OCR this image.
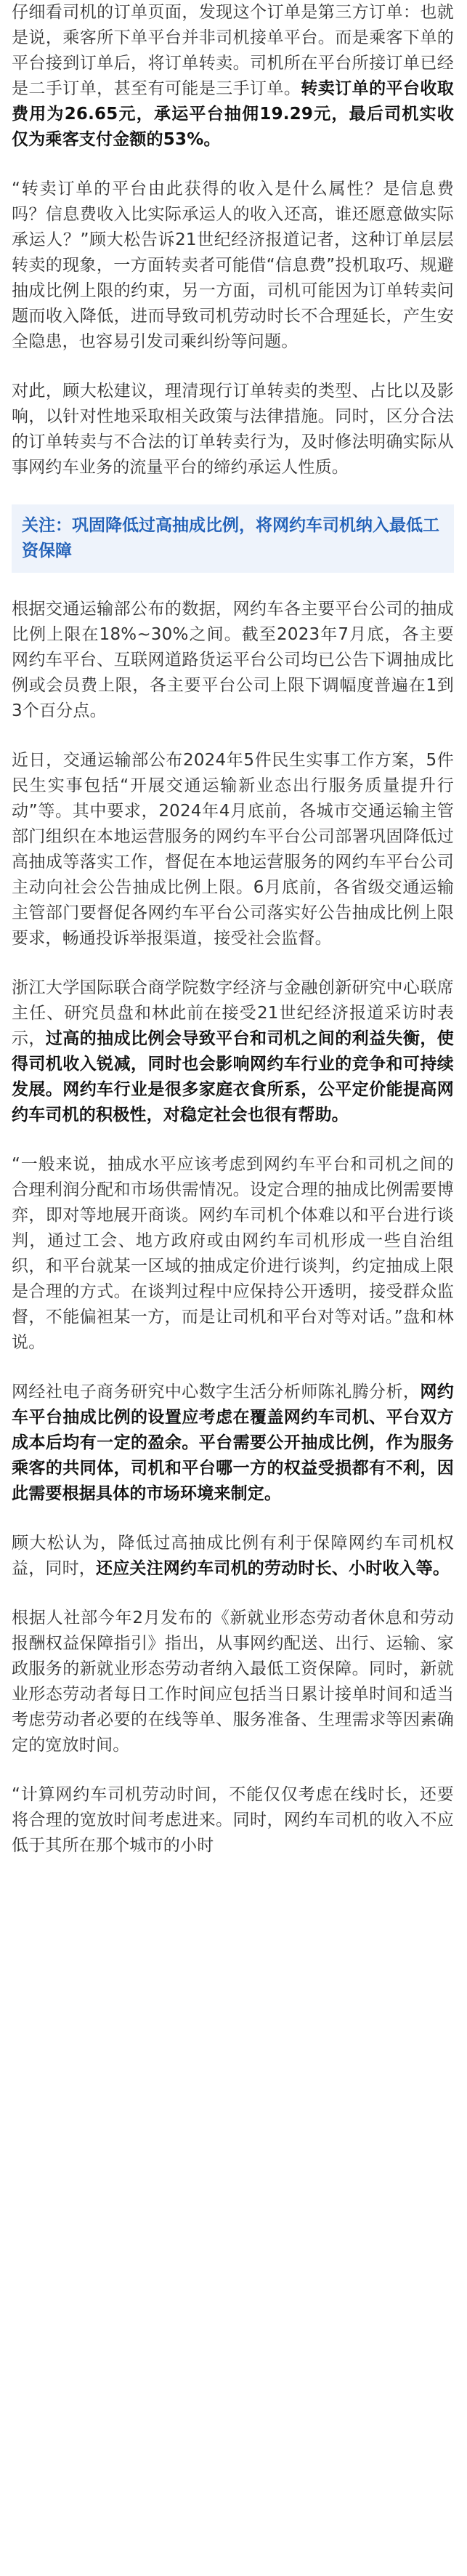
仔细看司机的订单页面，发现这个订单是第三方订单：也就是说，乘客所下单平台并非司机接单平台。而是乘客下单的平台接到订单后，将订单转卖。司机所在平台所接订单已经是二手订单，甚至有可能是三手订单。转卖订单的平台收取费用为26.65元，承运平台抽佣19.29元，最后司机实收仅为乘客支付金额的53%。

“转卖订单的平台由此获得的收入是什么属性？是信息费吗？信息费收入比实际承运人的收入还高，谁还愿意做实际承运人？”顾大松告诉21世纪经济报道记者，这种订单层层转卖的现象，一方面转卖者可能借“信息费”投机取巧、规避抽成比例上限的约束，另一方面，司机可能因为订单转卖问题而收入降低，进而导致司机劳动时长不合理延长，产生安全隐患，也容易引发司乘纠纷等问题。

对此，顾大松建议，理清现行订单转卖的类型、占比以及影响，以针对性地采取相关政策与法律措施。同时，区分合法的订单转卖与不合法的订单转卖行为，及时修法明确实际从事网约车业务的流量平台的缔约承运人性质。

关注：巩固降低过高抽成比例，将网约车司机纳入最低工资保障

根据交通运输部公布的数据，网约车各主要平台公司的抽成比例上限在18%~30%之间。截至2023年7月底，各主要网约车平台、互联网道路货运平台公司均已公告下调抽成比例或会员费上限，各主要平台公司上限下调幅度普遍在1到3个百分点。

近日，交通运输部公布2024年5件民生实事工作方案，5件民生实事包括“开展交通运输新业态出行服务质量提升行动”等。其中要求，2024年4月底前，各城市交通运输主管部门组织在本地运营服务的网约车平台公司部署巩固降低过高抽成等落实工作，督促在本地运营服务的网约车平台公司主动向社会公告抽成比例上限。6月底前，各省级交通运输主管部门要督促各网约车平台公司落实好公告抽成比例上限要求，畅通投诉举报渠道，接受社会监督。

浙江大学国际联合商学院数字经济与金融创新研究中心联席主任、研究员盘和林此前在接受21世纪经济报道采访时表示，过高的抽成比例会导致平台和司机之间的利益失衡，使得司机收入锐减，同时也会影响网约车行业的竞争和可持续发展。网约车行业是很多家庭衣食所系，公平定价能提高网约车司机的积极性，对稳定社会也很有帮助。

“一般来说，抽成水平应该考虑到网约车平台和司机之间的合理利润分配和市场供需情况。设定合理的抽成比例需要博弈，即对等地展开商谈。网约车司机个体难以和平台进行谈判，通过工会、地方政府或由网约车司机形成一些自治组织，和平台就某一区域的抽成定价进行谈判，约定抽成上限是合理的方式。在谈判过程中应保持公开透明，接受群众监督，不能偏袒某一方，而是让司机和平台对等对话。”盘和林说。

网经社电子商务研究中心数字生活分析师陈礼腾分析，网约车平台抽成比例的设置应考虑在覆盖网约车司机、平台双方成本后均有一定的盈余。平台需要公开抽成比例，作为服务乘客的共同体，司机和平台哪一方的权益受损都有不利，因此需要根据具体的市场环境来制定。

顾大松认为，降低过高抽成比例有利于保障网约车司机权益，同时，还应关注网约车司机的劳动时长、小时收入等。

根据人社部今年2月发布的《新就业形态劳动者休息和劳动报酬权益保障指引》指出，从事网约配送、出行、运输、家政服务的新就业形态劳动者纳入最低工资保障。同时，新就业形态劳动者每日工作时间应包括当日累计接单时间和适当考虑劳动者必要的在线等单、服务准备、生理需求等因素确定的宽放时间。

“计算网约车司机劳动时间，不能仅仅考虑在线时长，还要将合理的宽放时间考虑进来。同时，网约车司机的收入不应低于其所在那个城市的小时
